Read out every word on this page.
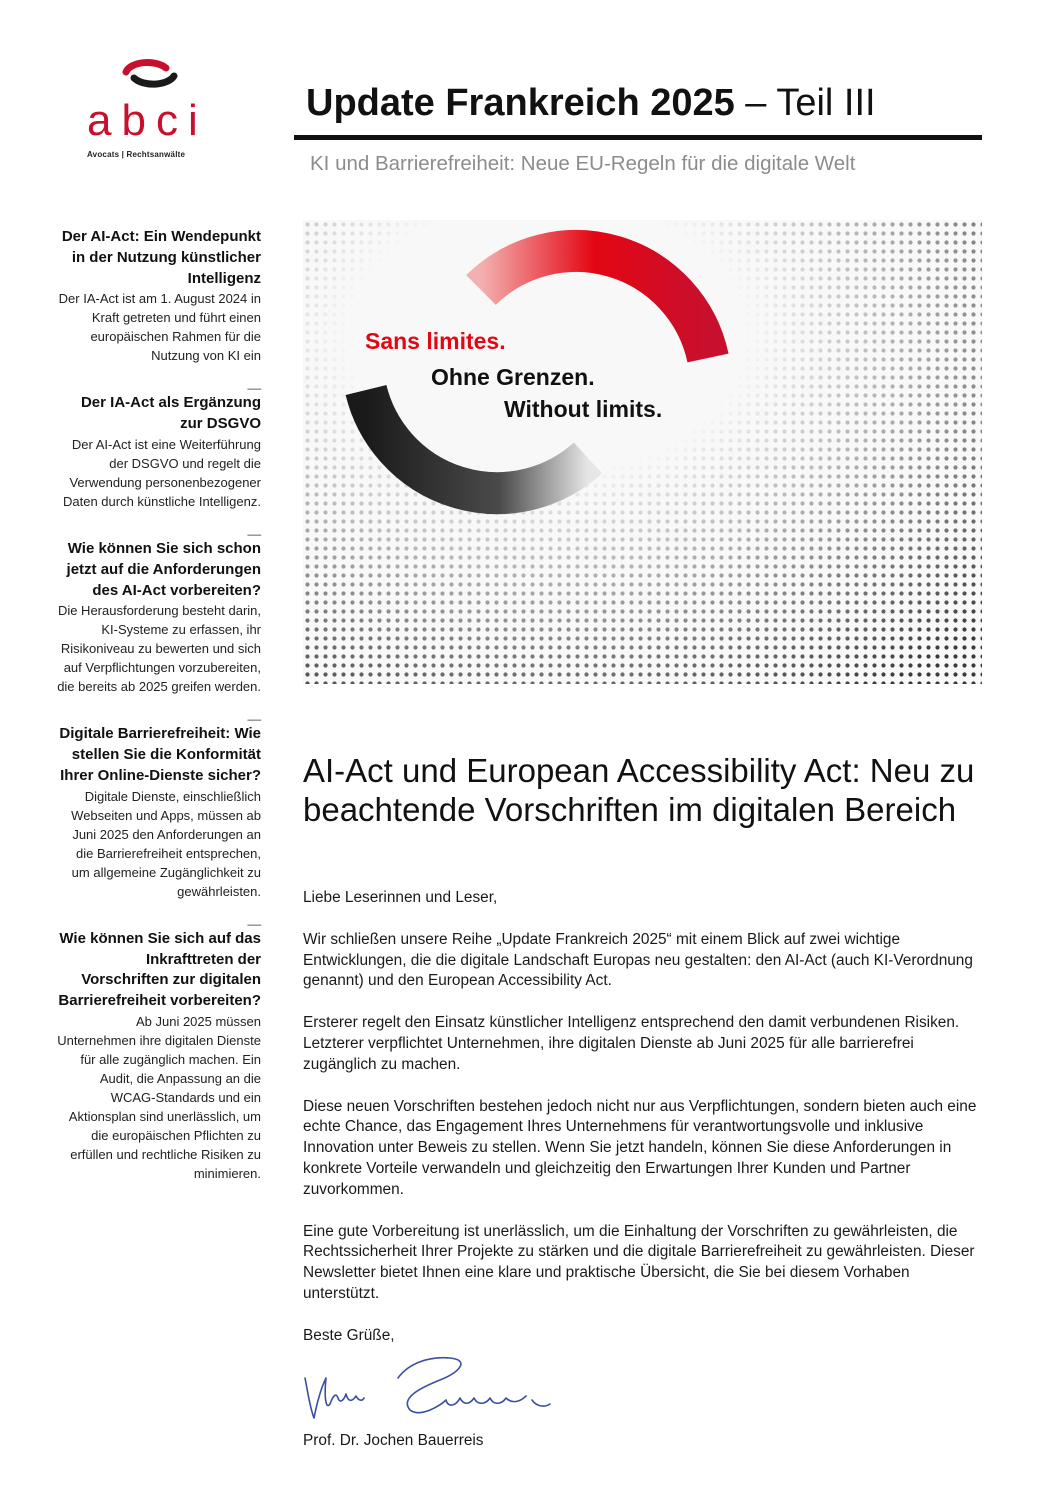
abci
Avocats | Rechtsanwälte
Update Frankreich 2025 – Teil III
KI und Barrierefreiheit: Neue EU-Regeln für die digitale Welt
Der AI-Act: Ein Wendepunkt in der Nutzung künstlicher Intelligenz
Der IA-Act ist am 1. August 2024 in Kraft getreten und führt einen europäischen Rahmen für die Nutzung von KI ein
__
Der IA-Act als Ergänzung zur DSGVO
Der AI-Act ist eine Weiterführung der DSGVO und regelt die Verwendung personenbezogener Daten durch künstliche Intelligenz.
__
Wie können Sie sich schon jetzt auf die Anforderungen des AI-Act vorbereiten?
Die Herausforderung besteht darin, KI-Systeme zu erfassen, ihr Risikoniveau zu bewerten und sich auf Verpflichtungen vorzubereiten, die bereits ab 2025 greifen werden.
__
Digitale Barrierefreiheit: Wie stellen Sie die Konformität Ihrer Online-Dienste sicher?
Digitale Dienste, einschließlich Webseiten und Apps, müssen ab Juni 2025 den Anforderungen an die Barrierefreiheit entsprechen, um allgemeine Zugänglichkeit zu gewährleisten.
__
Wie können Sie sich auf das Inkrafttreten der Vorschriften zur digitalen Barrierefreiheit vorbereiten?
Ab Juni 2025 müssen Unternehmen ihre digitalen Dienste für alle zugänglich machen. Ein Audit, die Anpassung an die WCAG-Standards und ein Aktionsplan sind unerlässlich, um die europäischen Pflichten zu erfüllen und rechtliche Risiken zu minimieren.
Sans limites.
Ohne Grenzen.
Without limits.
AI-Act und European Accessibility Act: Neu zu beachtende Vorschriften im digitalen Bereich

Liebe Leserinnen und Leser,

Wir schließen unsere Reihe „Update Frankreich 2025“ mit einem Blick auf zwei wichtige Entwicklungen, die die digitale Landschaft Europas neu gestalten: den AI-Act (auch KI-Verordnung genannt) und den European Accessibility Act.

Ersterer regelt den Einsatz künstlicher Intelligenz entsprechend den damit verbundenen Risiken. Letzterer verpflichtet Unternehmen, ihre digitalen Dienste ab Juni 2025 für alle barrierefrei zugänglich zu machen.

Diese neuen Vorschriften bestehen jedoch nicht nur aus Verpflichtungen, sondern bieten auch eine echte Chance, das Engagement Ihres Unternehmens für verantwortungsvolle und inklusive Innovation unter Beweis zu stellen. Wenn Sie jetzt handeln, können Sie diese Anforderungen in konkrete Vorteile verwandeln und gleichzeitig den Erwartungen Ihrer Kunden und Partner zuvorkommen.

Eine gute Vorbereitung ist unerlässlich, um die Einhaltung der Vorschriften zu gewährleisten, die Rechtssicherheit Ihrer Projekte zu stärken und die digitale Barrierefreiheit zu gewährleisten. Dieser Newsletter bietet Ihnen eine klare und praktische Übersicht, die Sie bei diesem Vorhaben unterstützt.

Beste Grüße,

Prof. Dr. Jochen Bauerreis
